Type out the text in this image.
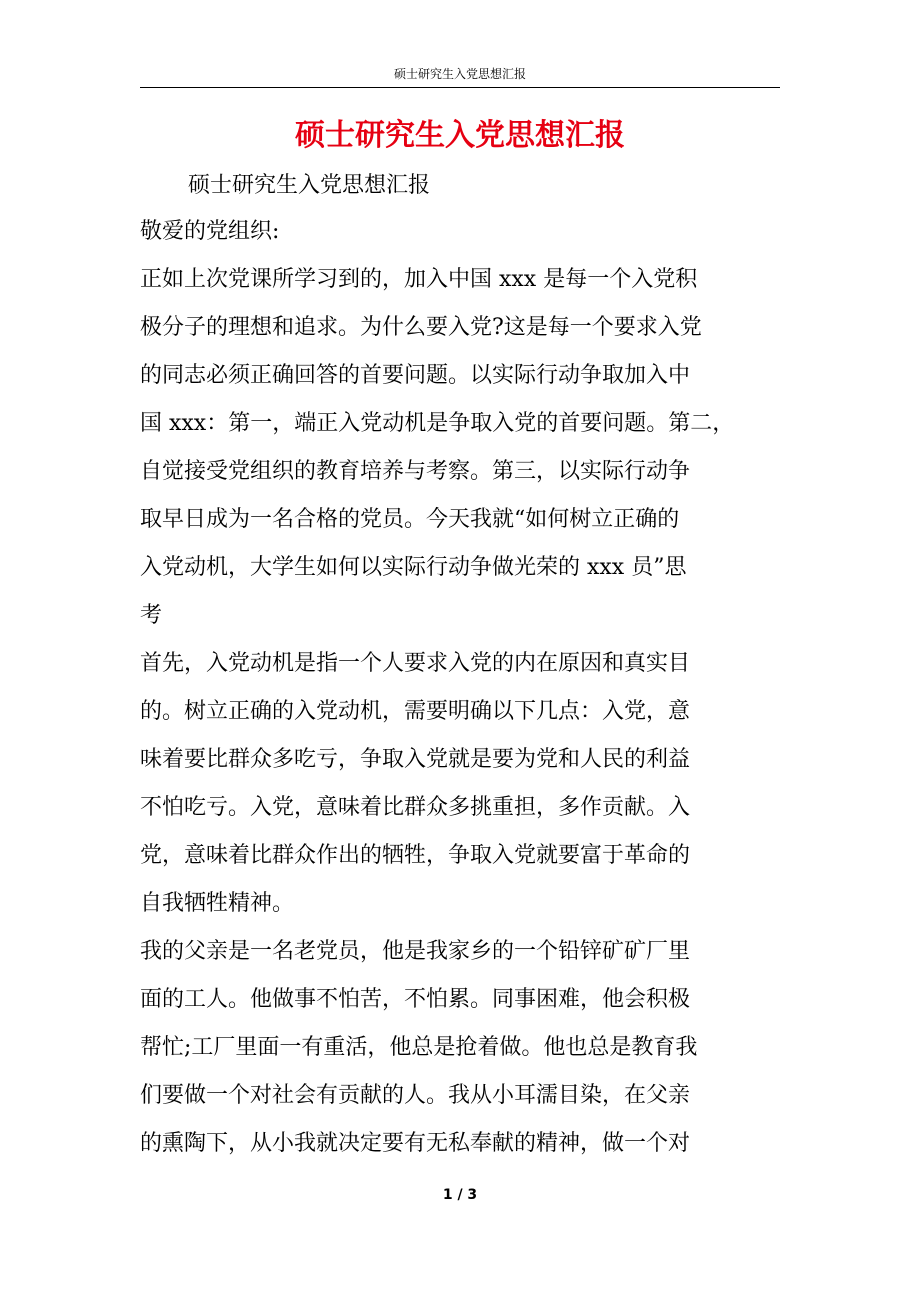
硕士研究生入党思想汇报
硕士研究生入党思想汇报
硕士研究生入党思想汇报
敬爱的党组织:
正如上次党课所学习到的，加入中国 xxx 是每一个入党积
极分子的理想和追求。为什么要入党?这是每一个要求入党
的同志必须正确回答的首要问题。以实际行动争取加入中
国 xxx：第一，端正入党动机是争取入党的首要问题。第二，
自觉接受党组织的教育培养与考察。第三，以实际行动争
取早日成为一名合格的党员。今天我就“如何树立正确的
入党动机，大学生如何以实际行动争做光荣的 xxx 员”思
考
首先，入党动机是指一个人要求入党的内在原因和真实目
的。树立正确的入党动机，需要明确以下几点：入党，意
味着要比群众多吃亏，争取入党就是要为党和人民的利益
不怕吃亏。入党，意味着比群众多挑重担，多作贡献。入
党，意味着比群众作出的牺牲，争取入党就要富于革命的
自我牺牲精神。
我的父亲是一名老党员，他是我家乡的一个铅锌矿矿厂里
面的工人。他做事不怕苦，不怕累。同事困难，他会积极
帮忙;工厂里面一有重活，他总是抢着做。他也总是教育我
们要做一个对社会有贡献的人。我从小耳濡目染，在父亲
的熏陶下，从小我就决定要有无私奉献的精神，做一个对
1 / 3
